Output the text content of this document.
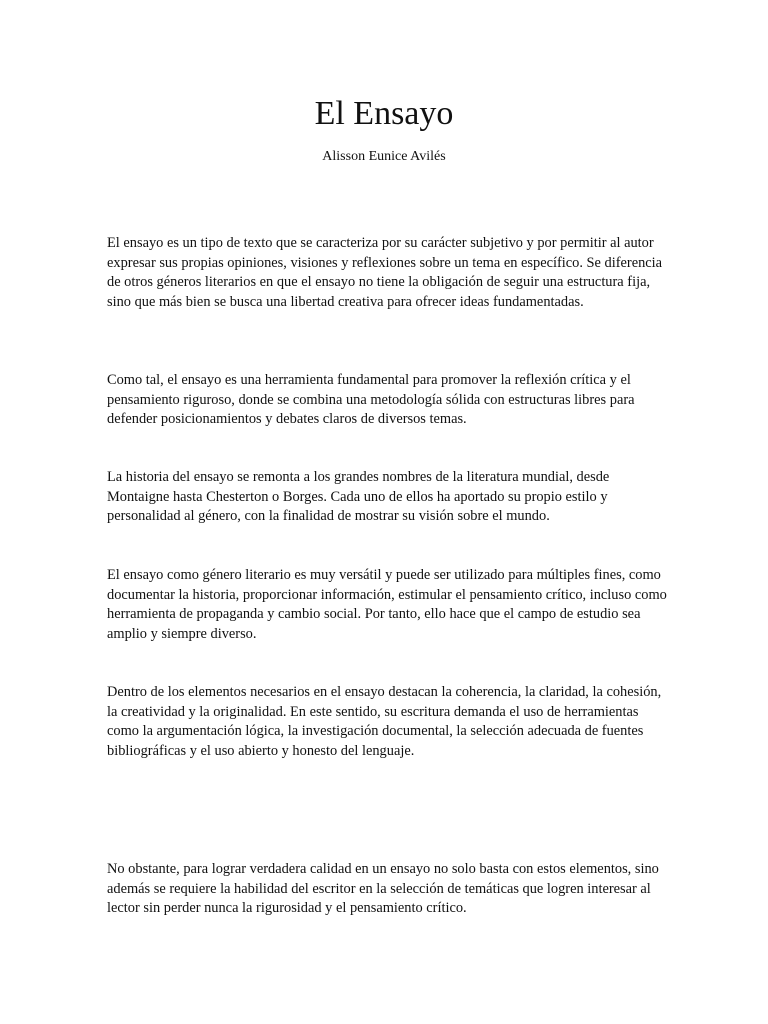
El Ensayo

Alisson Eunice Avilés

El ensayo es un tipo de texto que se caracteriza por su carácter subjetivo y por permitir al autor expresar sus propias opiniones, visiones y reflexiones sobre un tema en específico. Se diferencia de otros géneros literarios en que el ensayo no tiene la obligación de seguir una estructura fija, sino que más bien se busca una libertad creativa para ofrecer ideas fundamentadas.

Como tal, el ensayo es una herramienta fundamental para promover la reflexión crítica y el pensamiento riguroso, donde se combina una metodología sólida con estructuras libres para defender posicionamientos y debates claros de diversos temas.

La historia del ensayo se remonta a los grandes nombres de la literatura mundial, desde Montaigne hasta Chesterton o Borges. Cada uno de ellos ha aportado su propio estilo y personalidad al género, con la finalidad de mostrar su visión sobre el mundo.

El ensayo como género literario es muy versátil y puede ser utilizado para múltiples fines, como documentar la historia, proporcionar información, estimular el pensamiento crítico, incluso como herramienta de propaganda y cambio social. Por tanto, ello hace que el campo de estudio sea amplio y siempre diverso.

Dentro de los elementos necesarios en el ensayo destacan la coherencia, la claridad, la cohesión, la creatividad y la originalidad. En este sentido, su escritura demanda el uso de herramientas como la argumentación lógica, la investigación documental, la selección adecuada de fuentes bibliográficas y el uso abierto y honesto del lenguaje.

No obstante, para lograr verdadera calidad en un ensayo no solo basta con estos elementos, sino además se requiere la habilidad del escritor en la selección de temáticas que logren interesar al lector sin perder nunca la rigurosidad y el pensamiento crítico.
